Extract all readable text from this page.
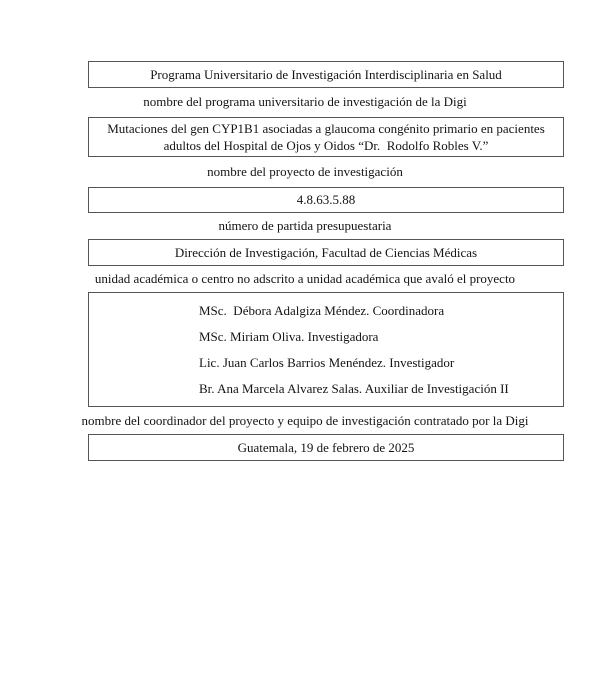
Programa Universitario de Investigación Interdisciplinaria en Salud
nombre del programa universitario de investigación de la Digi
Mutaciones del gen CYP1B1 asociadas a glaucoma congénito primario en pacientes adultos del Hospital de Ojos y Oidos “Dr.  Rodolfo Robles V.”
nombre del proyecto de investigación
4.8.63.5.88
número de partida presupuestaria
Dirección de Investigación, Facultad de Ciencias Médicas
unidad académica o centro no adscrito a unidad académica que avaló el proyecto
MSc.  Débora Adalgiza Méndez. Coordinadora
MSc. Miriam Oliva. Investigadora
Lic. Juan Carlos Barrios Menéndez. Investigador
Br. Ana Marcela Alvarez Salas. Auxiliar de Investigación II
nombre del coordinador del proyecto y equipo de investigación contratado por la Digi
Guatemala, 19 de febrero de 2025
